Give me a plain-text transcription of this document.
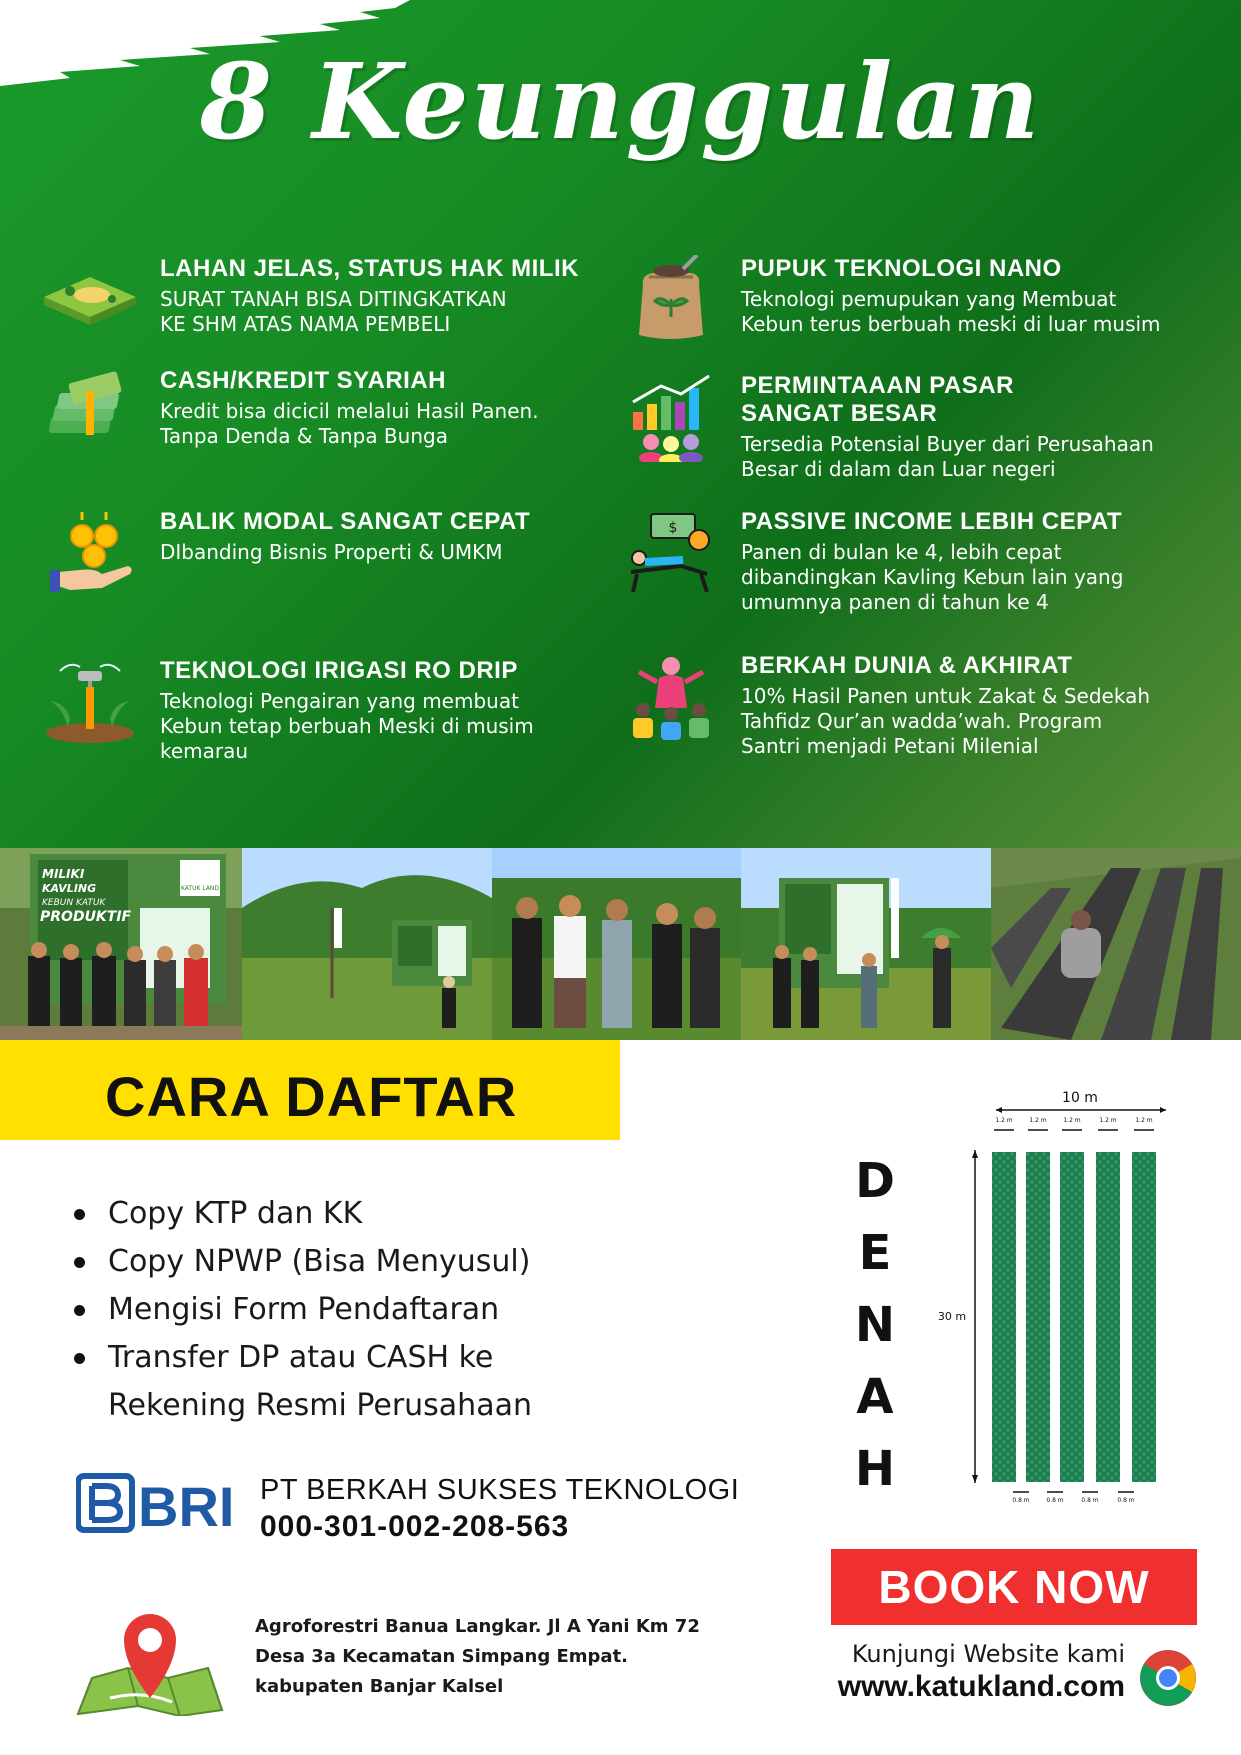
8 Keunggulan
LAHAN JELAS, STATUS HAK MILIK

SURAT TANAH BISA DITINGKATKAN
KE SHM ATAS NAMA PEMBELI

CASH/KREDIT SYARIAH

Kredit bisa dicicil melalui Hasil Panen.
Tanpa Denda & Tanpa Bunga

BALIK MODAL SANGAT CEPAT

DIbanding Bisnis Properti & UMKM

TEKNOLOGI IRIGASI RO DRIP

Teknologi Pengairan yang membuat
Kebun tetap berbuah Meski di musim
kemarau

PUPUK TEKNOLOGI NANO

Teknologi pemupukan yang Membuat
Kebun terus berbuah meski di luar musim

PERMINTAAAN PASAR
SANGAT BESAR

Tersedia Potensial Buyer dari Perusahaan
Besar di dalam dan Luar negeri

$	PASSIVE INCOME LEBIH CEPAT

Panen di bulan ke 4, lebih cepat
dibandingkan Kavling Kebun lain yang
umumnya panen di tahun ke 4

BERKAH DUNIA & AKHIRAT

10% Hasil Panen untuk Zakat & Sedekah
Tahfidz Qur’an wadda’wah. Program
Santri menjadi Petani Milenial

MILIKI
KAVLING
KEBUN KATUK
PRODUKTIF
KATUK LAND
CARA DAFTAR
Copy KTP dan KK
Copy NPWP (Bisa Menyusul)
Mengisi Form Pendaftaran
Transfer DP atau CASH ke
Rekening Resmi Perusahaan
BRI PT BERKAH SUKSES TEKNOLOGI
000-301-002-208-563
Agroforestri Banua Langkar. Jl A Yani Km 72
Desa 3a Kecamatan Simpang Empat.
kabupaten Banjar Kalsel
D
E
N
A
H
10 m
30 m
1.2 m
0.8 m
1.2 m
0.8 m
1.2 m
0.8 m
1.2 m
0.8 m
1.2 m
BOOK NOW
Kunjungi Website kami
www.katukland.com
